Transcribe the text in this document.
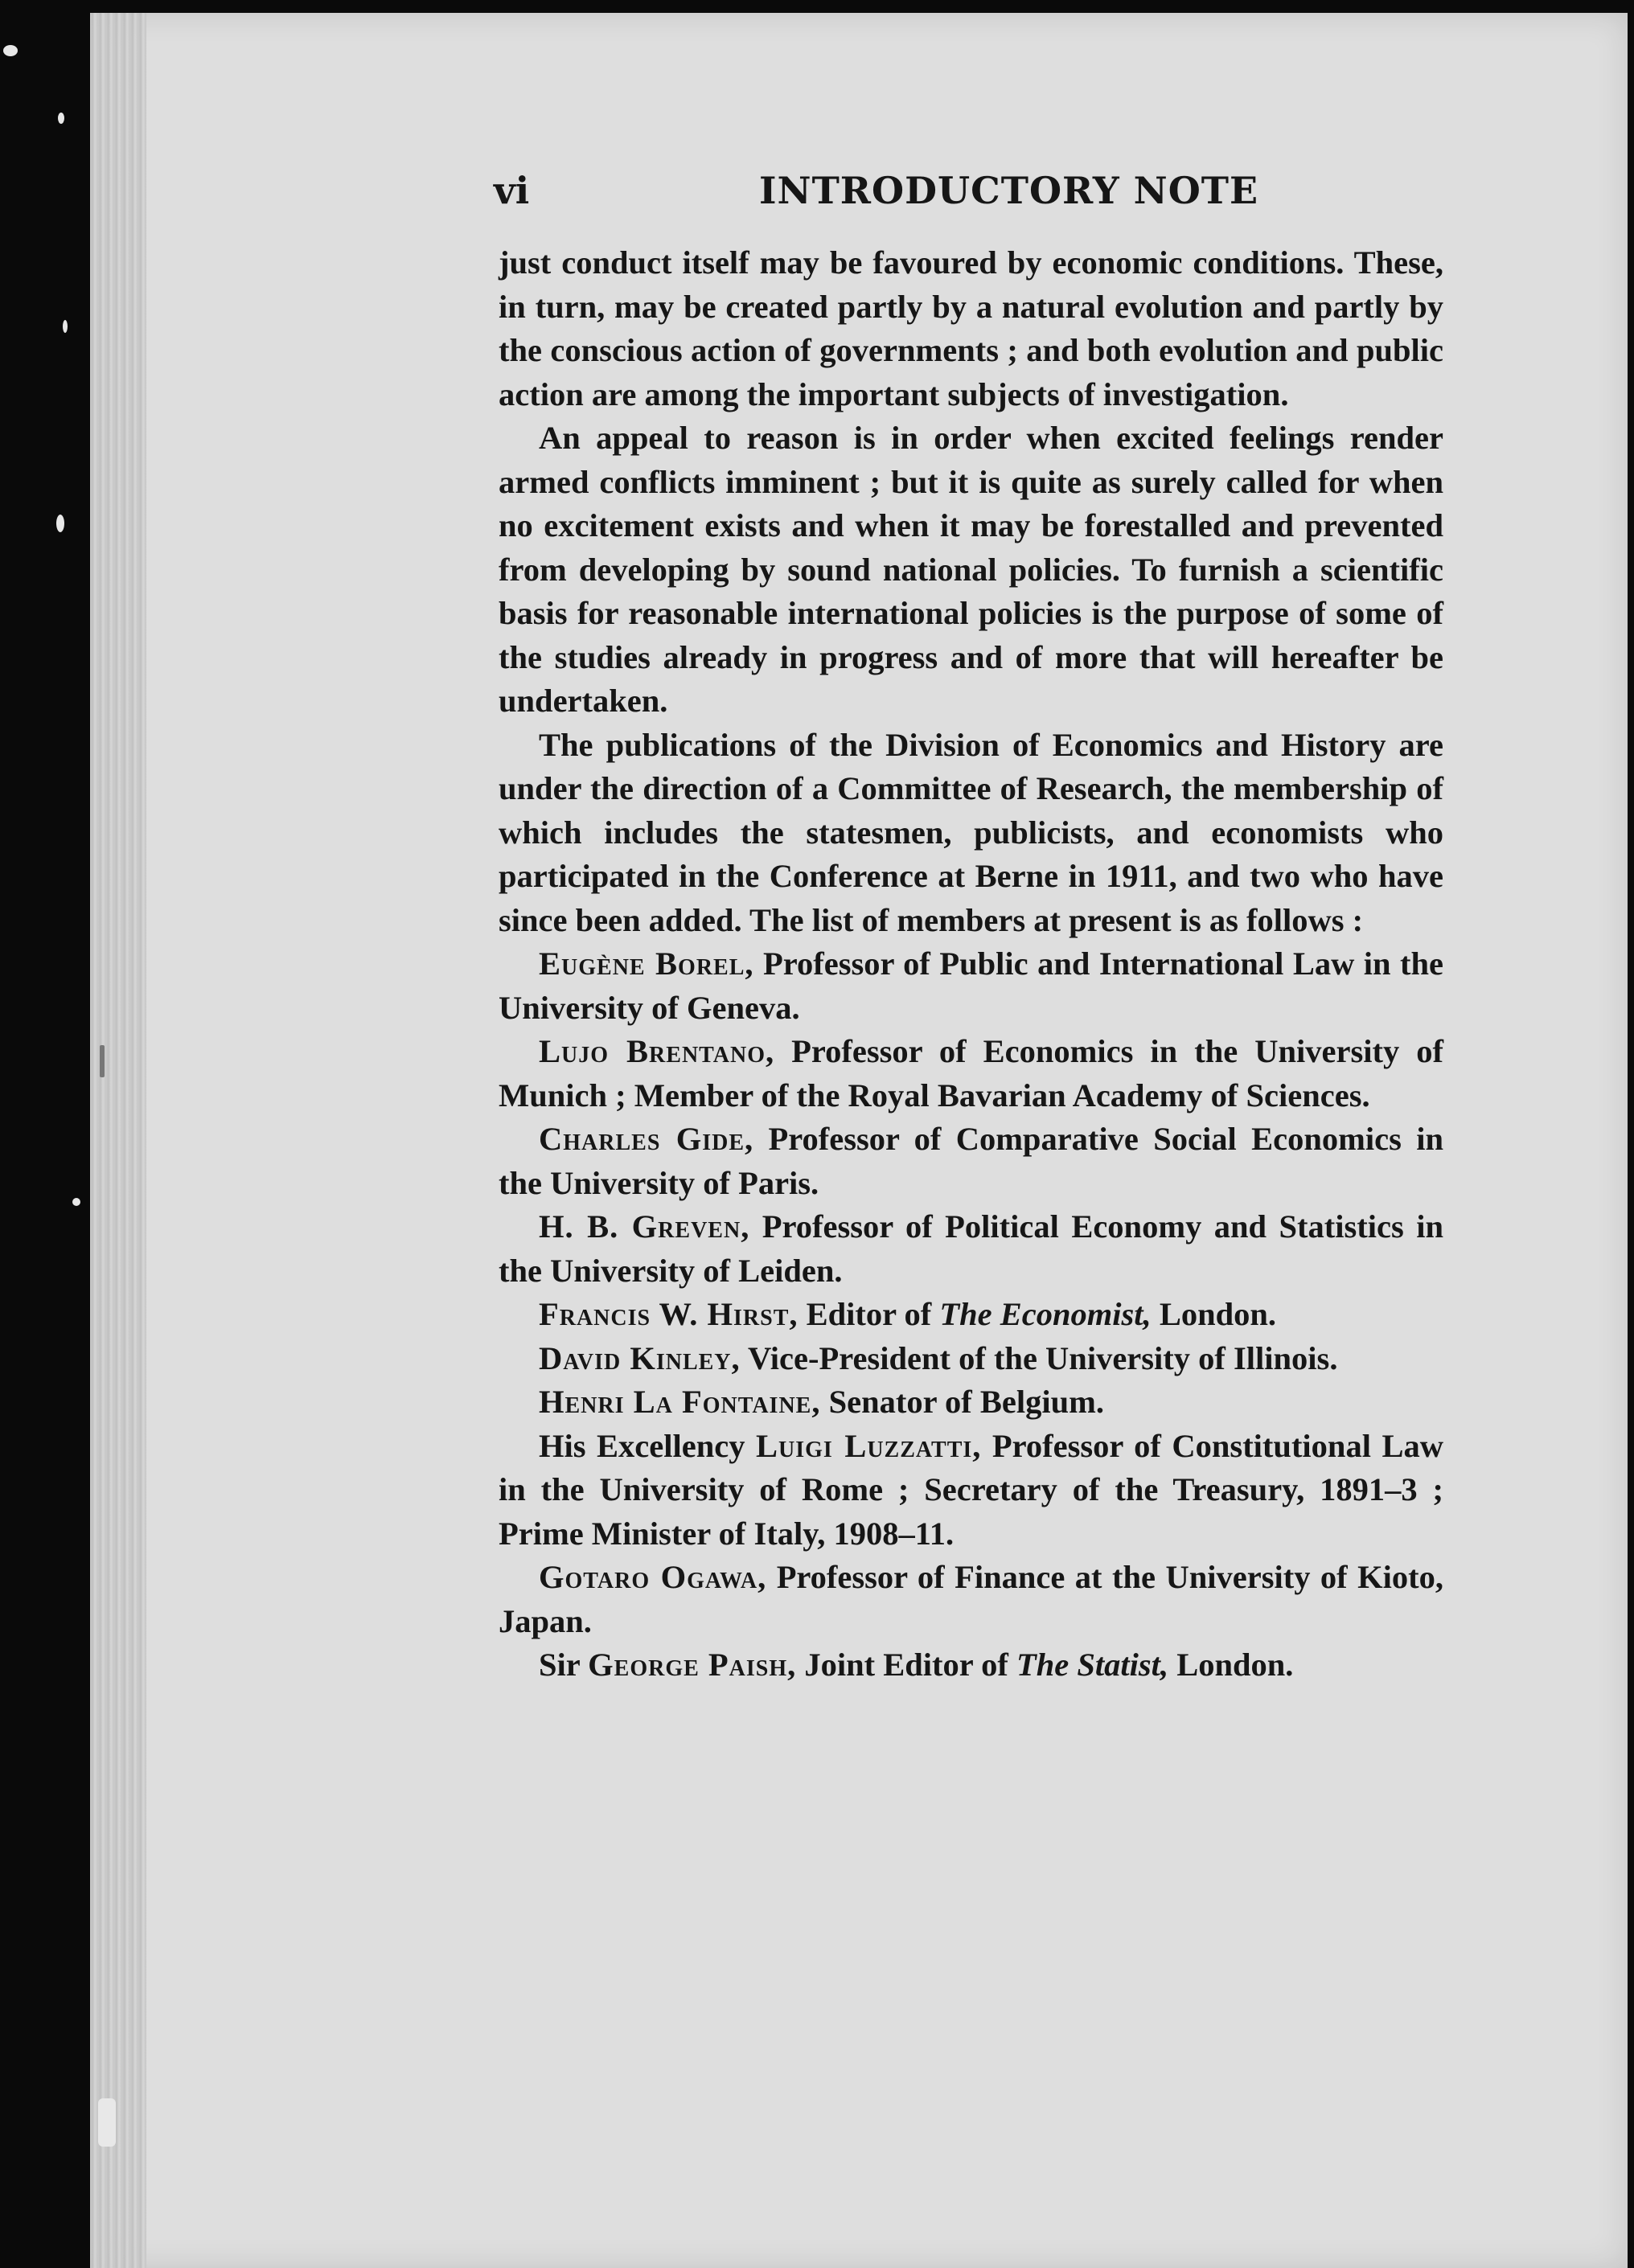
vi	INTRODUCTORY NOTE

just conduct itself may be favoured by economic conditions. These, in turn, may be created partly by a natural evolution and partly by the conscious action of governments ; and both evolution and public action are among the important subjects of investigation.

An appeal to reason is in order when excited feelings render armed conflicts imminent ; but it is quite as surely called for when no excitement exists and when it may be forestalled and prevented from developing by sound national policies. To furnish a scientific basis for reasonable international policies is the purpose of some of the studies already in progress and of more that will hereafter be undertaken.

The publications of the Division of Economics and History are under the direction of a Committee of Research, the membership of which includes the statesmen, publicists, and economists who participated in the Conference at Berne in 1911, and two who have since been added. The list of members at present is as follows :

Eugène Borel, Professor of Public and International Law in the University of Geneva.

Lujo Brentano, Professor of Economics in the University of Munich ; Member of the Royal Bavarian Academy of Sciences.

Charles Gide, Professor of Comparative Social Economics in the University of Paris.

H. B. Greven, Professor of Political Economy and Statistics in the University of Leiden.

Francis W. Hirst, Editor of The Economist, London.

David Kinley, Vice-President of the University of Illinois.

Henri La Fontaine, Senator of Belgium.

His Excellency Luigi Luzzatti, Professor of Constitutional Law in the University of Rome ; Secretary of the Treasury, 1891–3 ; Prime Minister of Italy, 1908–11.

Gotaro Ogawa, Professor of Finance at the University of Kioto, Japan.

Sir George Paish, Joint Editor of The Statist, London.
